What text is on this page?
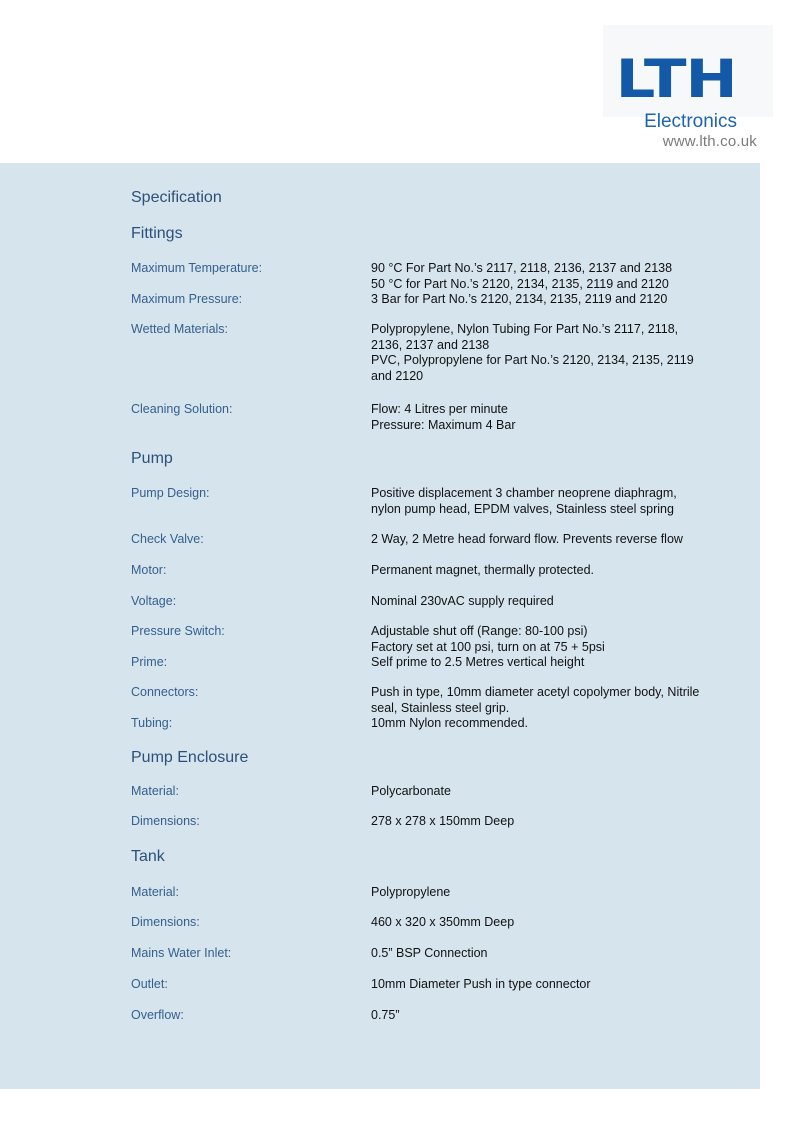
LTH
Electronics
www.lth.co.uk
Specification
Fittings
Maximum Temperature:	90 °C For Part No.’s 2117, 2118, 2136, 2137 and 2138
50 °C for Part No.’s 2120, 2134, 2135, 2119 and 2120
Maximum Pressure:	3 Bar for Part No.’s 2120, 2134, 2135, 2119 and 2120
Wetted Materials:	Polypropylene, Nylon Tubing For Part No.’s 2117, 2118,
2136, 2137 and 2138
PVC, Polypropylene for Part No.’s 2120, 2134, 2135, 2119
and 2120
Cleaning Solution:	Flow: 4 Litres per minute
Pressure: Maximum 4 Bar
Pump
Pump Design:	Positive displacement 3 chamber neoprene diaphragm,
nylon pump head, EPDM valves, Stainless steel spring
Check Valve:	2 Way, 2 Metre head forward flow. Prevents reverse flow
Motor:	Permanent magnet, thermally protected.
Voltage:	Nominal 230vAC supply required
Pressure Switch:	Adjustable shut off (Range: 80-100 psi)
Factory set at 100 psi, turn on at 75 + 5psi
Prime:	Self prime to 2.5 Metres vertical height
Connectors:	Push in type, 10mm diameter acetyl copolymer body, Nitrile
seal, Stainless steel grip.
Tubing:	10mm Nylon recommended.
Pump Enclosure
Material:	Polycarbonate
Dimensions:	278 x 278 x 150mm Deep
Tank
Material:	Polypropylene
Dimensions:	460 x 320 x 350mm Deep
Mains Water Inlet:	0.5” BSP Connection
Outlet:	10mm Diameter Push in type connector
Overflow:	0.75”
